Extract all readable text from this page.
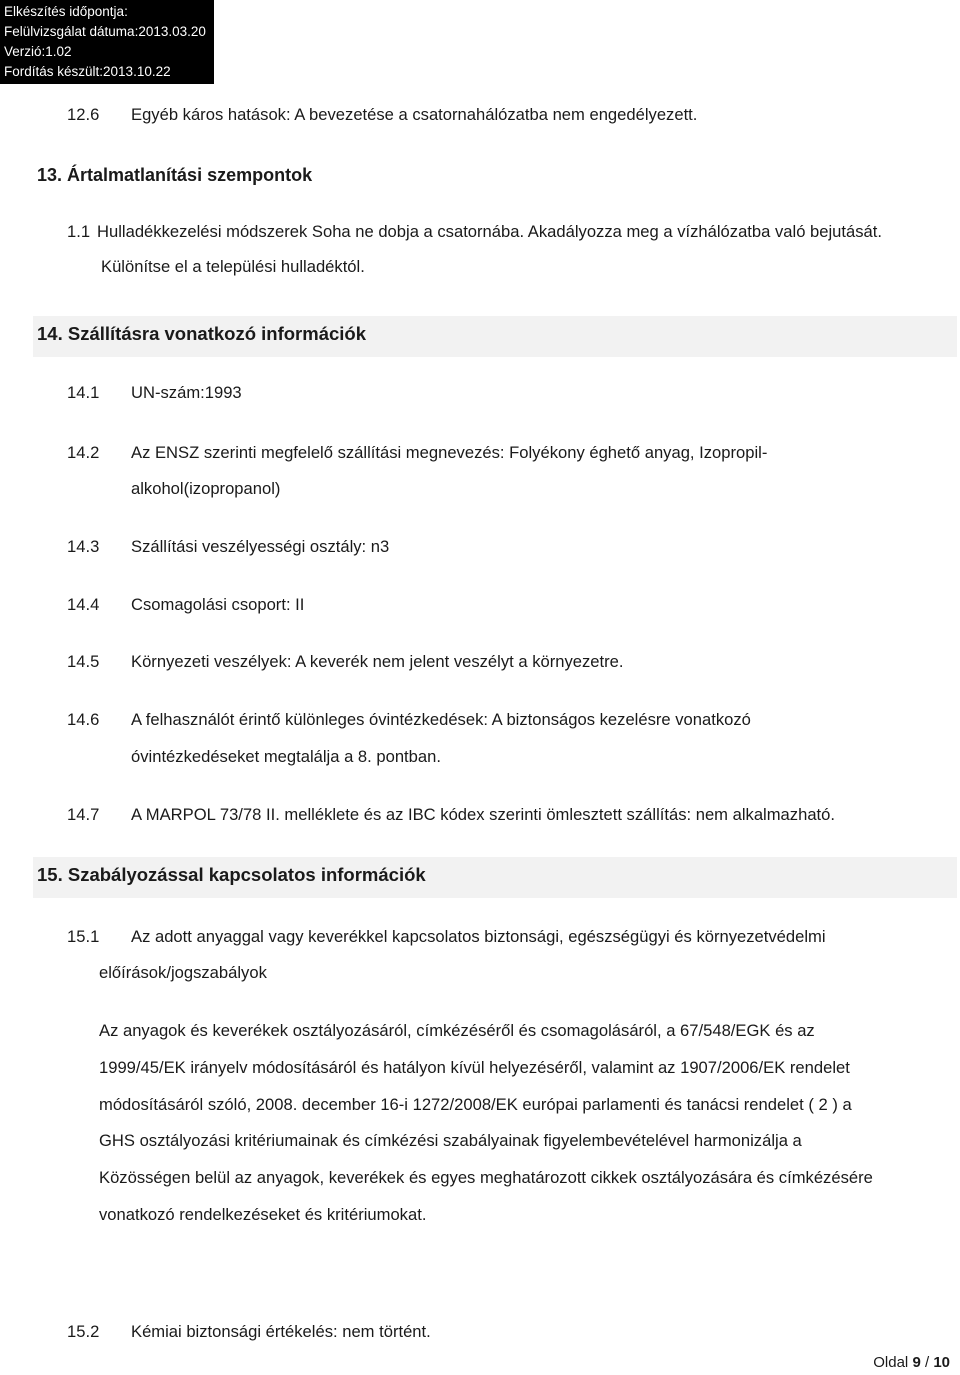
Elkészítés időpontja:
Felülvizsgálat dátuma:2013.03.20
Verzió:1.02
Fordítás készült:2013.10.22
12.6 Egyéb káros hatások: A bevezetése a csatornahálózatba nem engedélyezett.
13. Ártalmatlanítási szempontok
1.1 Hulladékkezelési módszerek Soha ne dobja a csatornába. Akadályozza meg a vízhálózatba való bejutását.
Különítse el a települési hulladéktól.
14. Szállításra vonatkozó információk
14.1 UN-szám:1993
14.2 Az ENSZ szerinti megfelelő szállítási megnevezés: Folyékony éghető anyag, Izopropil-
alkohol(izopropanol)
14.3 Szállítási veszélyességi osztály: n3
14.4 Csomagolási csoport: II
14.5 Környezeti veszélyek: A keverék nem jelent veszélyt a környezetre.
14.6 A felhasználót érintő különleges óvintézkedések: A biztonságos kezelésre vonatkozó
óvintézkedéseket megtalálja a 8. pontban.
14.7 A MARPOL 73/78 II. melléklete és az IBC kódex szerinti ömlesztett szállítás: nem alkalmazható.
15. Szabályozással kapcsolatos információk
15.1 Az adott anyaggal vagy keverékkel kapcsolatos biztonsági, egészségügyi és környezetvédelmi
előírások/jogszabályok
Az anyagok és keverékek osztályozásáról, címkézéséről és csomagolásáról, a 67/548/EGK és az
1999/45/EK irányelv módosításáról és hatályon kívül helyezéséről, valamint az 1907/2006/EK rendelet
módosításáról szóló, 2008. december 16-i 1272/2008/EK európai parlamenti és tanácsi rendelet ( 2 ) a
GHS osztályozási kritériumainak és címkézési szabályainak figyelembevételével harmonizálja a
Közösségen belül az anyagok, keverékek és egyes meghatározott cikkek osztályozására és címkézésére
vonatkozó rendelkezéseket és kritériumokat.
15.2 Kémiai biztonsági értékelés: nem történt.
Oldal 9 / 10
